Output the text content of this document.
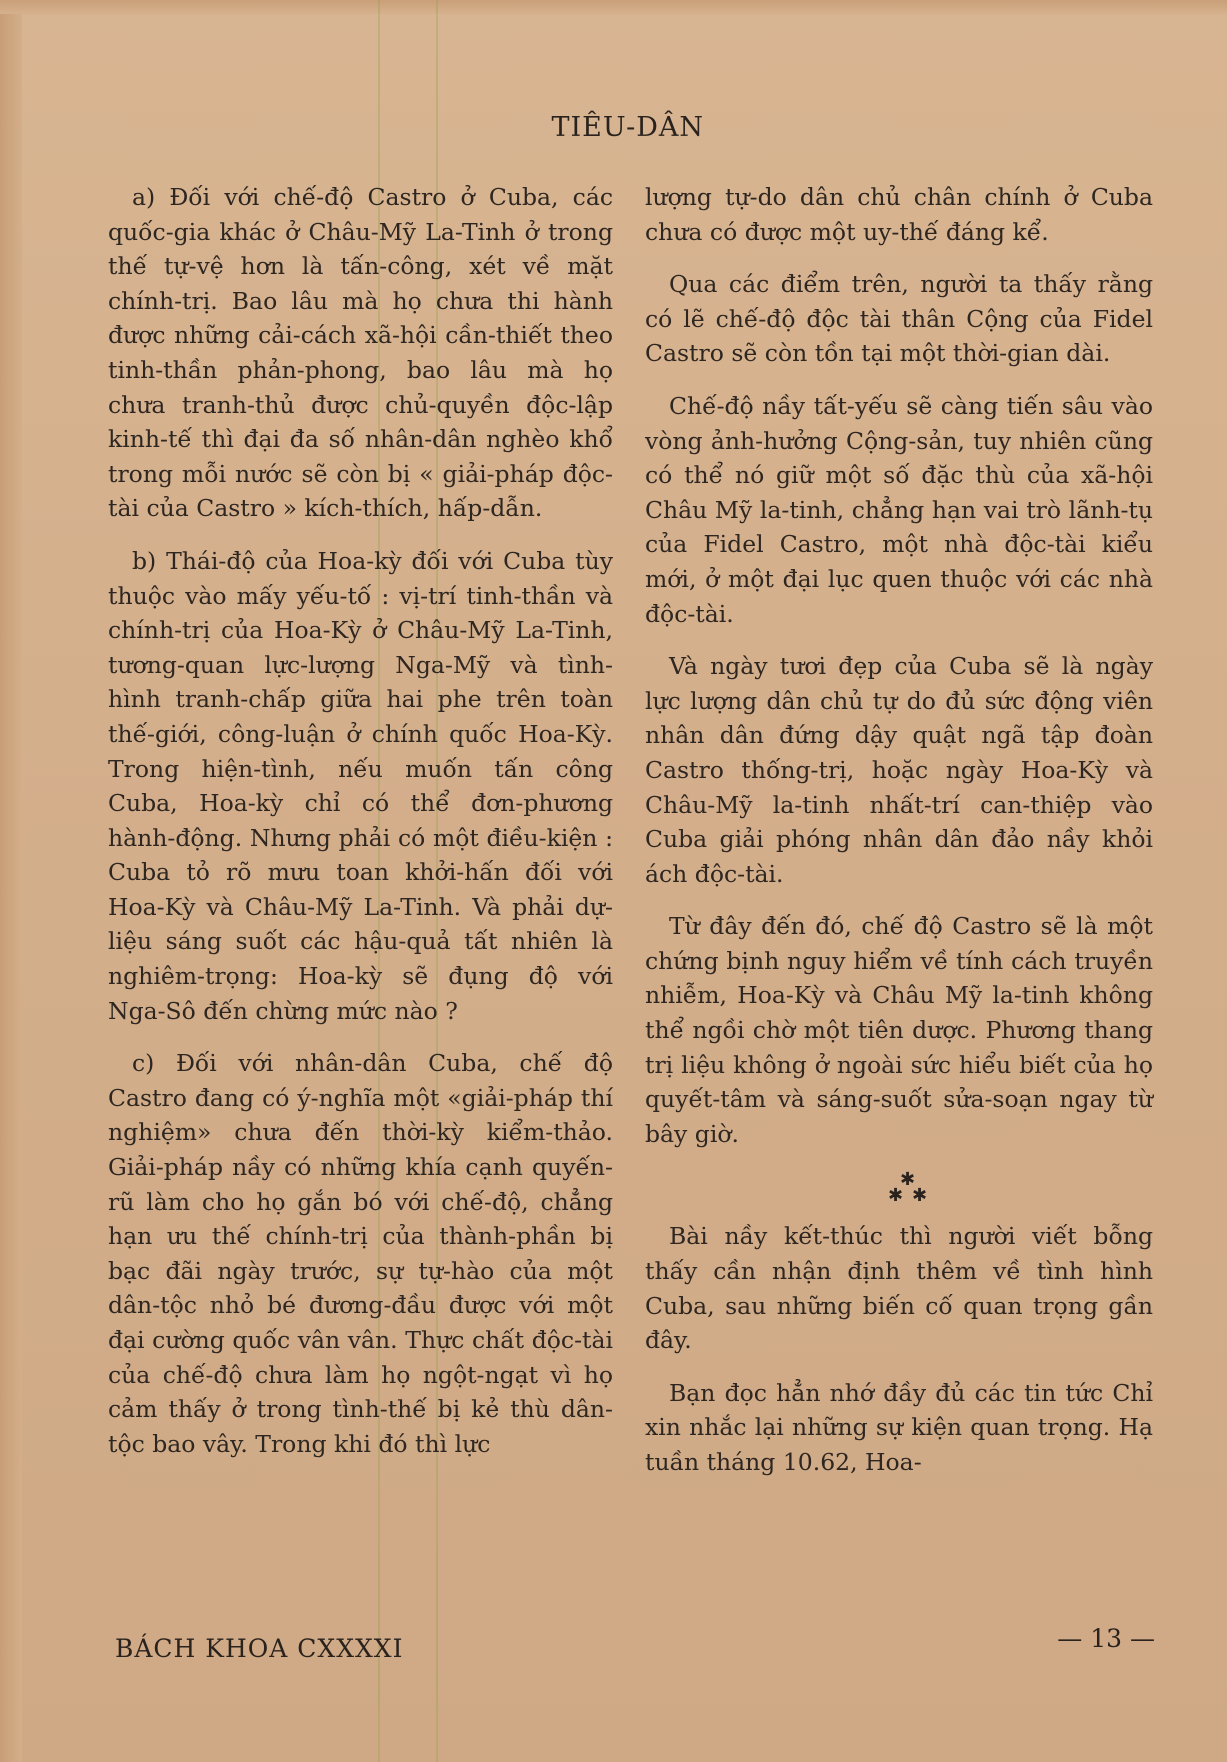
TIÊU-DÂN

a) Đối với chế-độ Castro ở Cuba, các quốc-gia khác ở Châu-Mỹ La-Tinh ở trong thế tự-vệ hơn là tấn-công, xét về mặt chính-trị. Bao lâu mà họ chưa thi hành được những cải-cách xã-hội cần-thiết theo tinh-thần phản-phong, bao lâu mà họ chưa tranh-thủ được chủ-quyền độc-lập kinh-tế thì đại đa số nhân-dân nghèo khổ trong mỗi nước sẽ còn bị « giải-pháp độc-tài của Castro » kích-thích, hấp-dẫn.

b) Thái-độ của Hoa-kỳ đối với Cuba tùy thuộc vào mấy yếu-tố : vị-trí tinh-thần và chính-trị của Hoa-Kỳ ở Châu-Mỹ La-Tinh, tương-quan lực-lượng Nga-Mỹ và tình-hình tranh-chấp giữa hai phe trên toàn thế-giới, công-luận ở chính quốc Hoa-Kỳ. Trong hiện-tình, nếu muốn tấn công Cuba, Hoa-kỳ chỉ có thể đơn-phương hành-động. Nhưng phải có một điều-kiện : Cuba tỏ rõ mưu toan khởi-hấn đối với Hoa-Kỳ và Châu-Mỹ La-Tinh. Và phải dự-liệu sáng suốt các hậu-quả tất nhiên là nghiêm-trọng: Hoa-kỳ sẽ đụng độ với Nga-Sô đến chừng mức nào ?

c) Đối với nhân-dân Cuba, chế độ Castro đang có ý-nghĩa một «giải-pháp thí nghiệm» chưa đến thời-kỳ kiểm-thảo. Giải-pháp nầy có những khía cạnh quyến-rũ làm cho họ gắn bó với chế-độ, chẳng hạn ưu thế chính-trị của thành-phần bị bạc đãi ngày trước, sự tự-hào của một dân-tộc nhỏ bé đương-đầu được với một đại cường quốc vân vân. Thực chất độc-tài của chế-độ chưa làm họ ngột-ngạt vì họ cảm thấy ở trong tình-thế bị kẻ thù dân-tộc bao vây. Trong khi đó thì lực

lượng tự-do dân chủ chân chính ở Cuba chưa có được một uy-thế đáng kể.

Qua các điểm trên, người ta thấy rằng có lẽ chế-độ độc tài thân Cộng của Fidel Castro sẽ còn tồn tại một thời-gian dài.

Chế-độ nầy tất-yếu sẽ càng tiến sâu vào vòng ảnh-hưởng Cộng-sản, tuy nhiên cũng có thể nó giữ một số đặc thù của xã-hội Châu Mỹ la-tinh, chẳng hạn vai trò lãnh-tụ của Fidel Castro, một nhà độc-tài kiểu mới, ở một đại lục quen thuộc với các nhà độc-tài.

Và ngày tươi đẹp của Cuba sẽ là ngày lực lượng dân chủ tự do đủ sức động viên nhân dân đứng dậy quật ngã tập đoàn Castro thống-trị, hoặc ngày Hoa-Kỳ và Châu-Mỹ la-tinh nhất-trí can-thiệp vào Cuba giải phóng nhân dân đảo nầy khỏi ách độc-tài.

Từ đây đến đó, chế độ Castro sẽ là một chứng bịnh nguy hiểm về tính cách truyền nhiễm, Hoa-Kỳ và Châu Mỹ la-tinh không thể ngồi chờ một tiên dược. Phương thang trị liệu không ở ngoài sức hiểu biết của họ quyết-tâm và sáng-suốt sửa-soạn ngay từ bây giờ.

✱
✱ ✱

Bài nầy kết-thúc thì người viết bỗng thấy cần nhận định thêm về tình hình Cuba, sau những biến cố quan trọng gần đây.

Bạn đọc hẳn nhớ đầy đủ các tin tức Chỉ xin nhắc lại những sự kiện quan trọng. Hạ tuần tháng 10.62, Hoa-

BÁCH KHOA CXXXXI	— 13 —
